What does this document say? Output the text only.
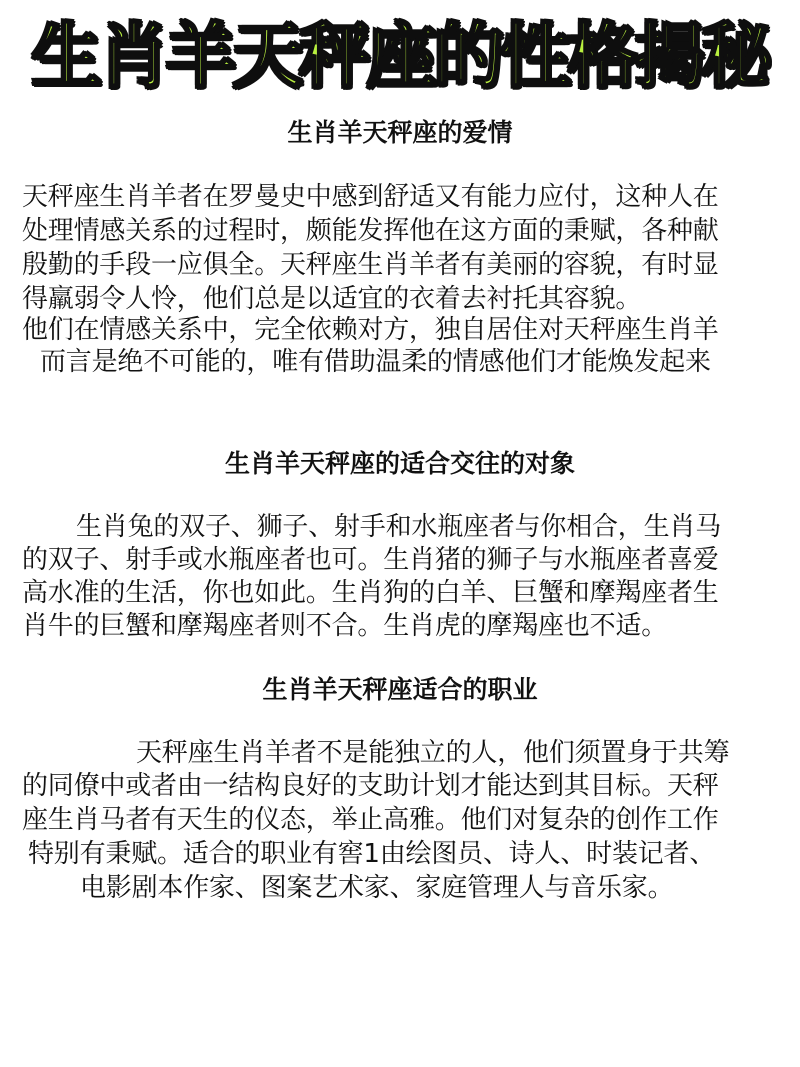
生肖羊天秤座的性格揭秘
生肖羊天秤座的爱情
天秤座生肖羊者在罗曼史中感到舒适又有能力应付，这种人在
处理情感关系的过程时，颇能发挥他在这方面的秉赋，各种献
殷勤的手段一应俱全。天秤座生肖羊者有美丽的容貌，有时显
得羸弱令人怜，他们总是以适宜的衣着去衬托其容貌。
他们在情感关系中，完全依赖对方，独自居住对天秤座生肖羊
而言是绝不可能的，唯有借助温柔的情感他们才能焕发起来
生肖羊天秤座的适合交往的对象
生肖兔的双子、狮子、射手和水瓶座者与你相合，生肖马
的双子、射手或水瓶座者也可。生肖猪的狮子与水瓶座者喜爱
高水准的生活，你也如此。生肖狗的白羊、巨蟹和摩羯座者生
肖牛的巨蟹和摩羯座者则不合。生肖虎的摩羯座也不适。
生肖羊天秤座适合的职业
天秤座生肖羊者不是能独立的人，他们须置身于共筹
的同僚中或者由一结构良好的支助计划才能达到其目标。天秤
座生肖马者有天生的仪态，举止高雅。他们对复杂的创作工作
特别有秉赋。适合的职业有窖1由绘图员、诗人、时装记者、
电影剧本作家、图案艺术家、家庭管理人与音乐家。
